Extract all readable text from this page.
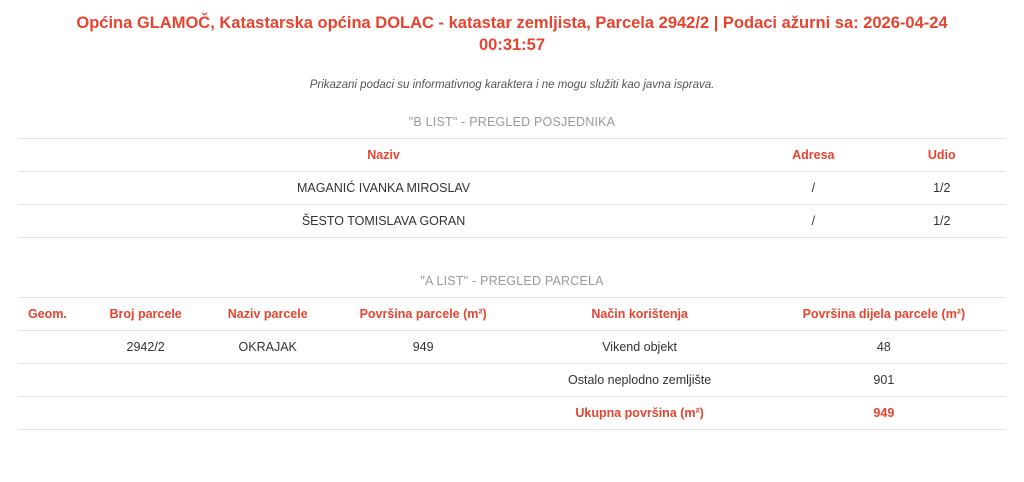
Općina GLAMOČ, Katastarska općina DOLAC - katastar zemljista, Parcela 2942/2 | Podaci ažurni sa: 2026-04-24 00:31:57
Prikazani podaci su informativnog karaktera i ne mogu služiti kao javna isprava.
"B LIST" - PREGLED POSJEDNIKA
Naziv	Adresa	Udio
MAGANIĆ IVANKA MIROSLAV	/	1/2
ŠESTO TOMISLAVA GORAN	/	1/2
"A LIST" - PREGLED PARCELA
Geom.	Broj parcele	Naziv parcele	Površina parcele (m²)	Način korištenja	Površina dijela parcele (m²)
	2942/2	OKRAJAK	949	Vikend objekt	48
				Ostalo neplodno zemljište	901
				Ukupna površina (m²)	949
